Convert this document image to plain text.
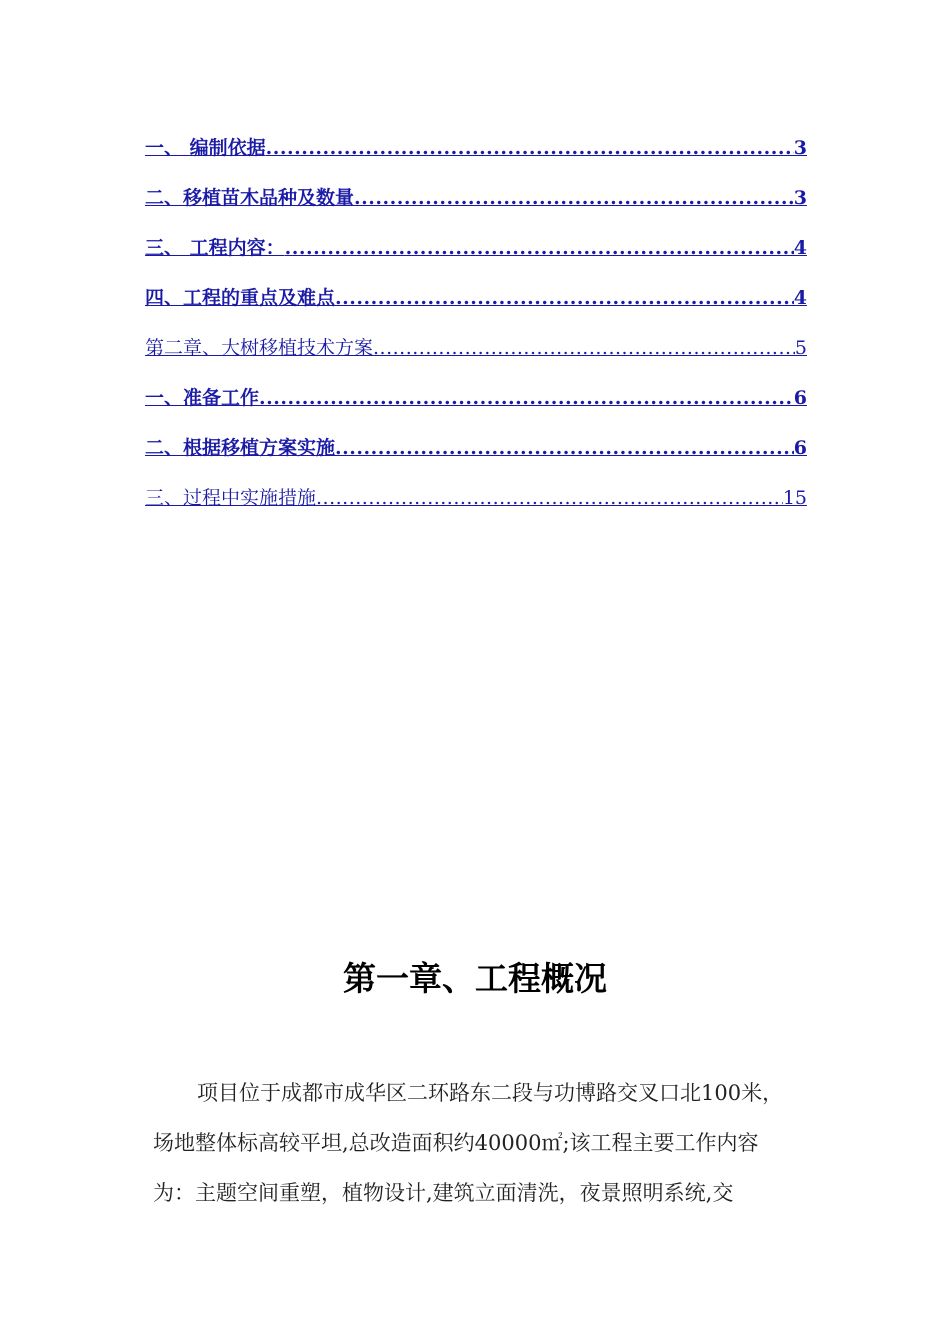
一、 编制依据 .....	3
二、移植苗木品种及数量 .....	3
三、 工程内容： .....	4
四、工程的重点及难点 .....	4
第二章、大树移植技术方案 .....	5
一、准备工作 .....	6
二、根据移植方案实施 .....	6
三、过程中实施措施 .....	15
第一章、工程概况
项目位于成都市成华区二环路东二段与功博路交叉口北100米，
场地整体标高较平坦,总改造面积约40000㎡;该工程主要工作内容
为：主题空间重塑，植物设计,建筑立面清洗，夜景照明系统,交
